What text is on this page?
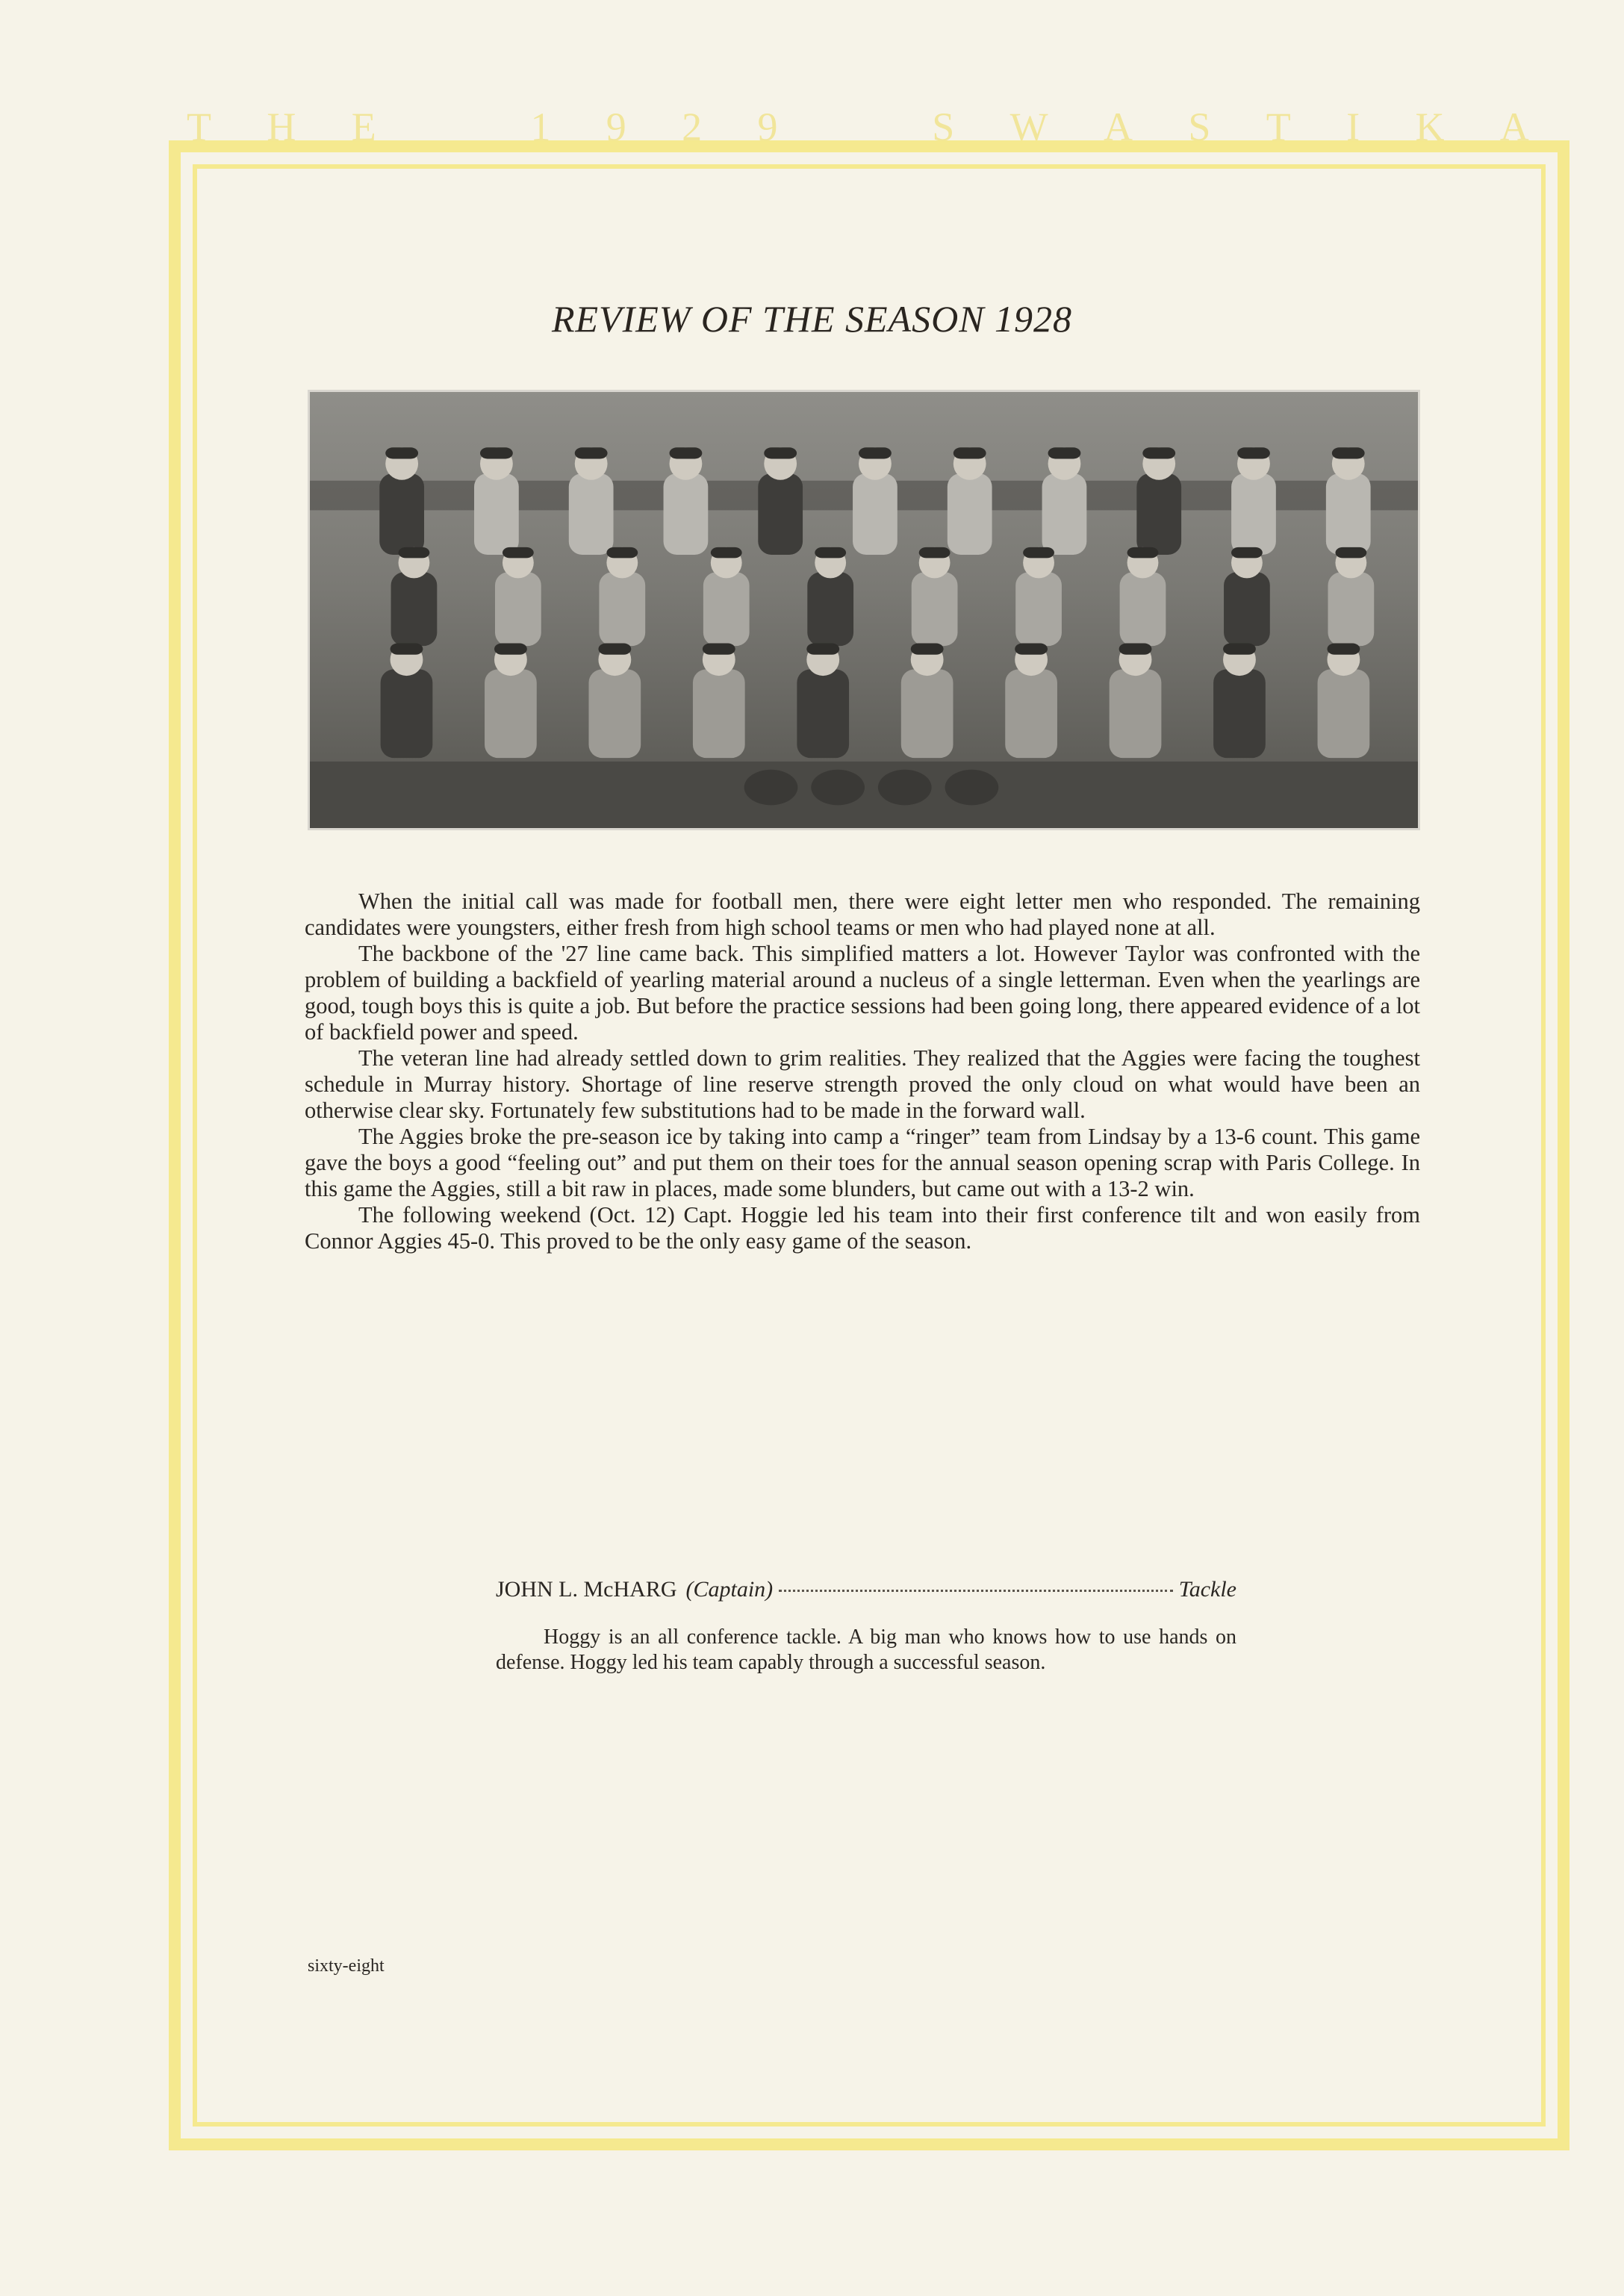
T H E	1 9 2 9	S W A S T I K A
REVIEW OF THE SEASON 1928

When the initial call was made for football men, there were eight letter men who responded. The remaining candidates were youngsters, either fresh from high school teams or men who had played none at all.

The backbone of the '27 line came back. This simplified matters a lot. However Taylor was confronted with the problem of building a backfield of yearling material around a nucleus of a single letterman. Even when the yearlings are good, tough boys this is quite a job. But before the practice sessions had been going long, there appeared evidence of a lot of backfield power and speed.

The veteran line had already settled down to grim realities. They realized that the Aggies were facing the toughest schedule in Murray history. Shortage of line reserve strength proved the only cloud on what would have been an otherwise clear sky. Fortunately few substitutions had to be made in the forward wall.

The Aggies broke the pre-season ice by taking into camp a “ringer” team from Lindsay by a 13-6 count. This game gave the boys a good “feeling out” and put them on their toes for the annual season opening scrap with Paris College. In this game the Aggies, still a bit raw in places, made some blunders, but came out with a 13-2 win.

The following weekend (Oct. 12) Capt. Hoggie led his team into their first conference tilt and won easily from Connor Aggies 45-0. This proved to be the only easy game of the season.

JOHN L. McHARG (Captain)	Tackle

Hoggy is an all conference tackle. A big man who knows how to use hands on defense. Hoggy led his team capably through a successful season.

sixty-eight
